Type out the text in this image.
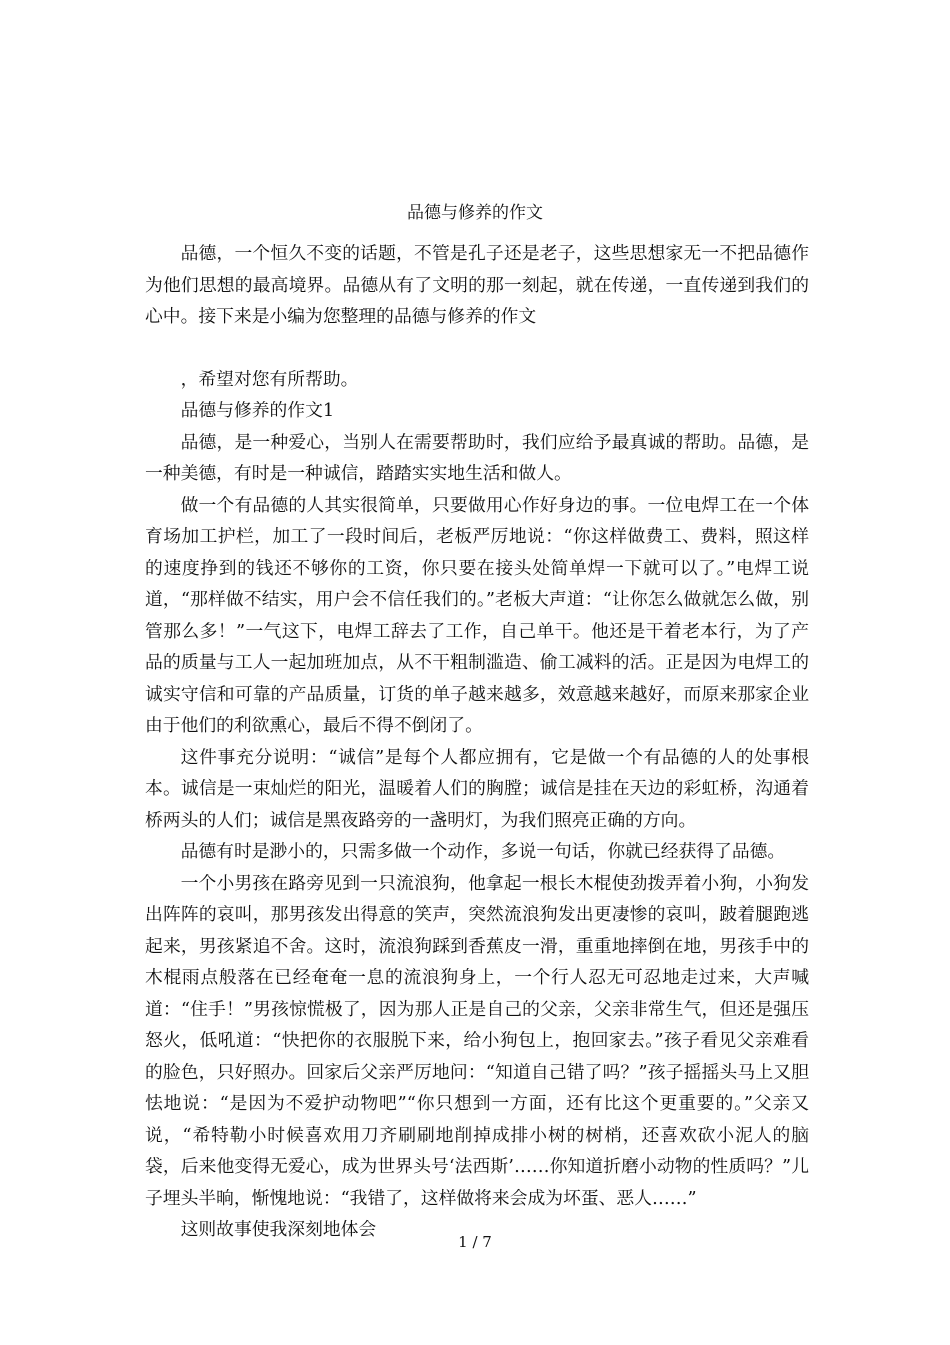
品德与修养的作文

品德，一个恒久不变的话题，不管是孔子还是老子，这些思想家无一不把品德作为他们思想的最高境界。品德从有了文明的那一刻起，就在传递，一直传递到我们的心中。接下来是小编为您整理的品德与修养的作文

，希望对您有所帮助。

品德与修养的作文1

品德，是一种爱心，当别人在需要帮助时，我们应给予最真诚的帮助。品德，是一种美德，有时是一种诚信，踏踏实实地生活和做人。

做一个有品德的人其实很简单，只要做用心作好身边的事。一位电焊工在一个体育场加工护栏，加工了一段时间后，老板严厉地说：“你这样做费工、费料，照这样的速度挣到的钱还不够你的工资，你只要在接头处简单焊一下就可以了。”电焊工说道，“那样做不结实，用户会不信任我们的。”老板大声道：“让你怎么做就怎么做，别管那么多！”一气这下，电焊工辞去了工作，自己单干。他还是干着老本行，为了产品的质量与工人一起加班加点，从不干粗制滥造、偷工减料的活。正是因为电焊工的诚实守信和可靠的产品质量，订货的单子越来越多，效意越来越好，而原来那家企业由于他们的利欲熏心，最后不得不倒闭了。

这件事充分说明：“诚信”是每个人都应拥有，它是做一个有品德的人的处事根本。诚信是一束灿烂的阳光，温暖着人们的胸膛；诚信是挂在天边的彩虹桥，沟通着桥两头的人们；诚信是黑夜路旁的一盏明灯，为我们照亮正确的方向。

品德有时是渺小的，只需多做一个动作，多说一句话，你就已经获得了品德。

一个小男孩在路旁见到一只流浪狗，他拿起一根长木棍使劲拨弄着小狗，小狗发出阵阵的哀叫，那男孩发出得意的笑声，突然流浪狗发出更凄惨的哀叫，跛着腿跑逃起来，男孩紧追不舍。这时，流浪狗踩到香蕉皮一滑，重重地摔倒在地，男孩手中的木棍雨点般落在已经奄奄一息的流浪狗身上，一个行人忍无可忍地走过来，大声喊道：“住手！”男孩惊慌极了，因为那人正是自己的父亲，父亲非常生气，但还是强压怒火，低吼道：“快把你的衣服脱下来，给小狗包上，抱回家去。”孩子看见父亲难看的脸色，只好照办。回家后父亲严厉地问：“知道自己错了吗？”孩子摇摇头马上又胆怯地说：“是因为不爱护动物吧”“你只想到一方面，还有比这个更重要的。”父亲又说，“希特勒小时候喜欢用刀齐刷刷地削掉成排小树的树梢，还喜欢砍小泥人的脑袋，后来他变得无爱心，成为世界头号‘法西斯’……你知道折磨小动物的性质吗？”儿子埋头半晌，惭愧地说：“我错了，这样做将来会成为坏蛋、恶人……”

这则故事使我深刻地体会

1 / 7
